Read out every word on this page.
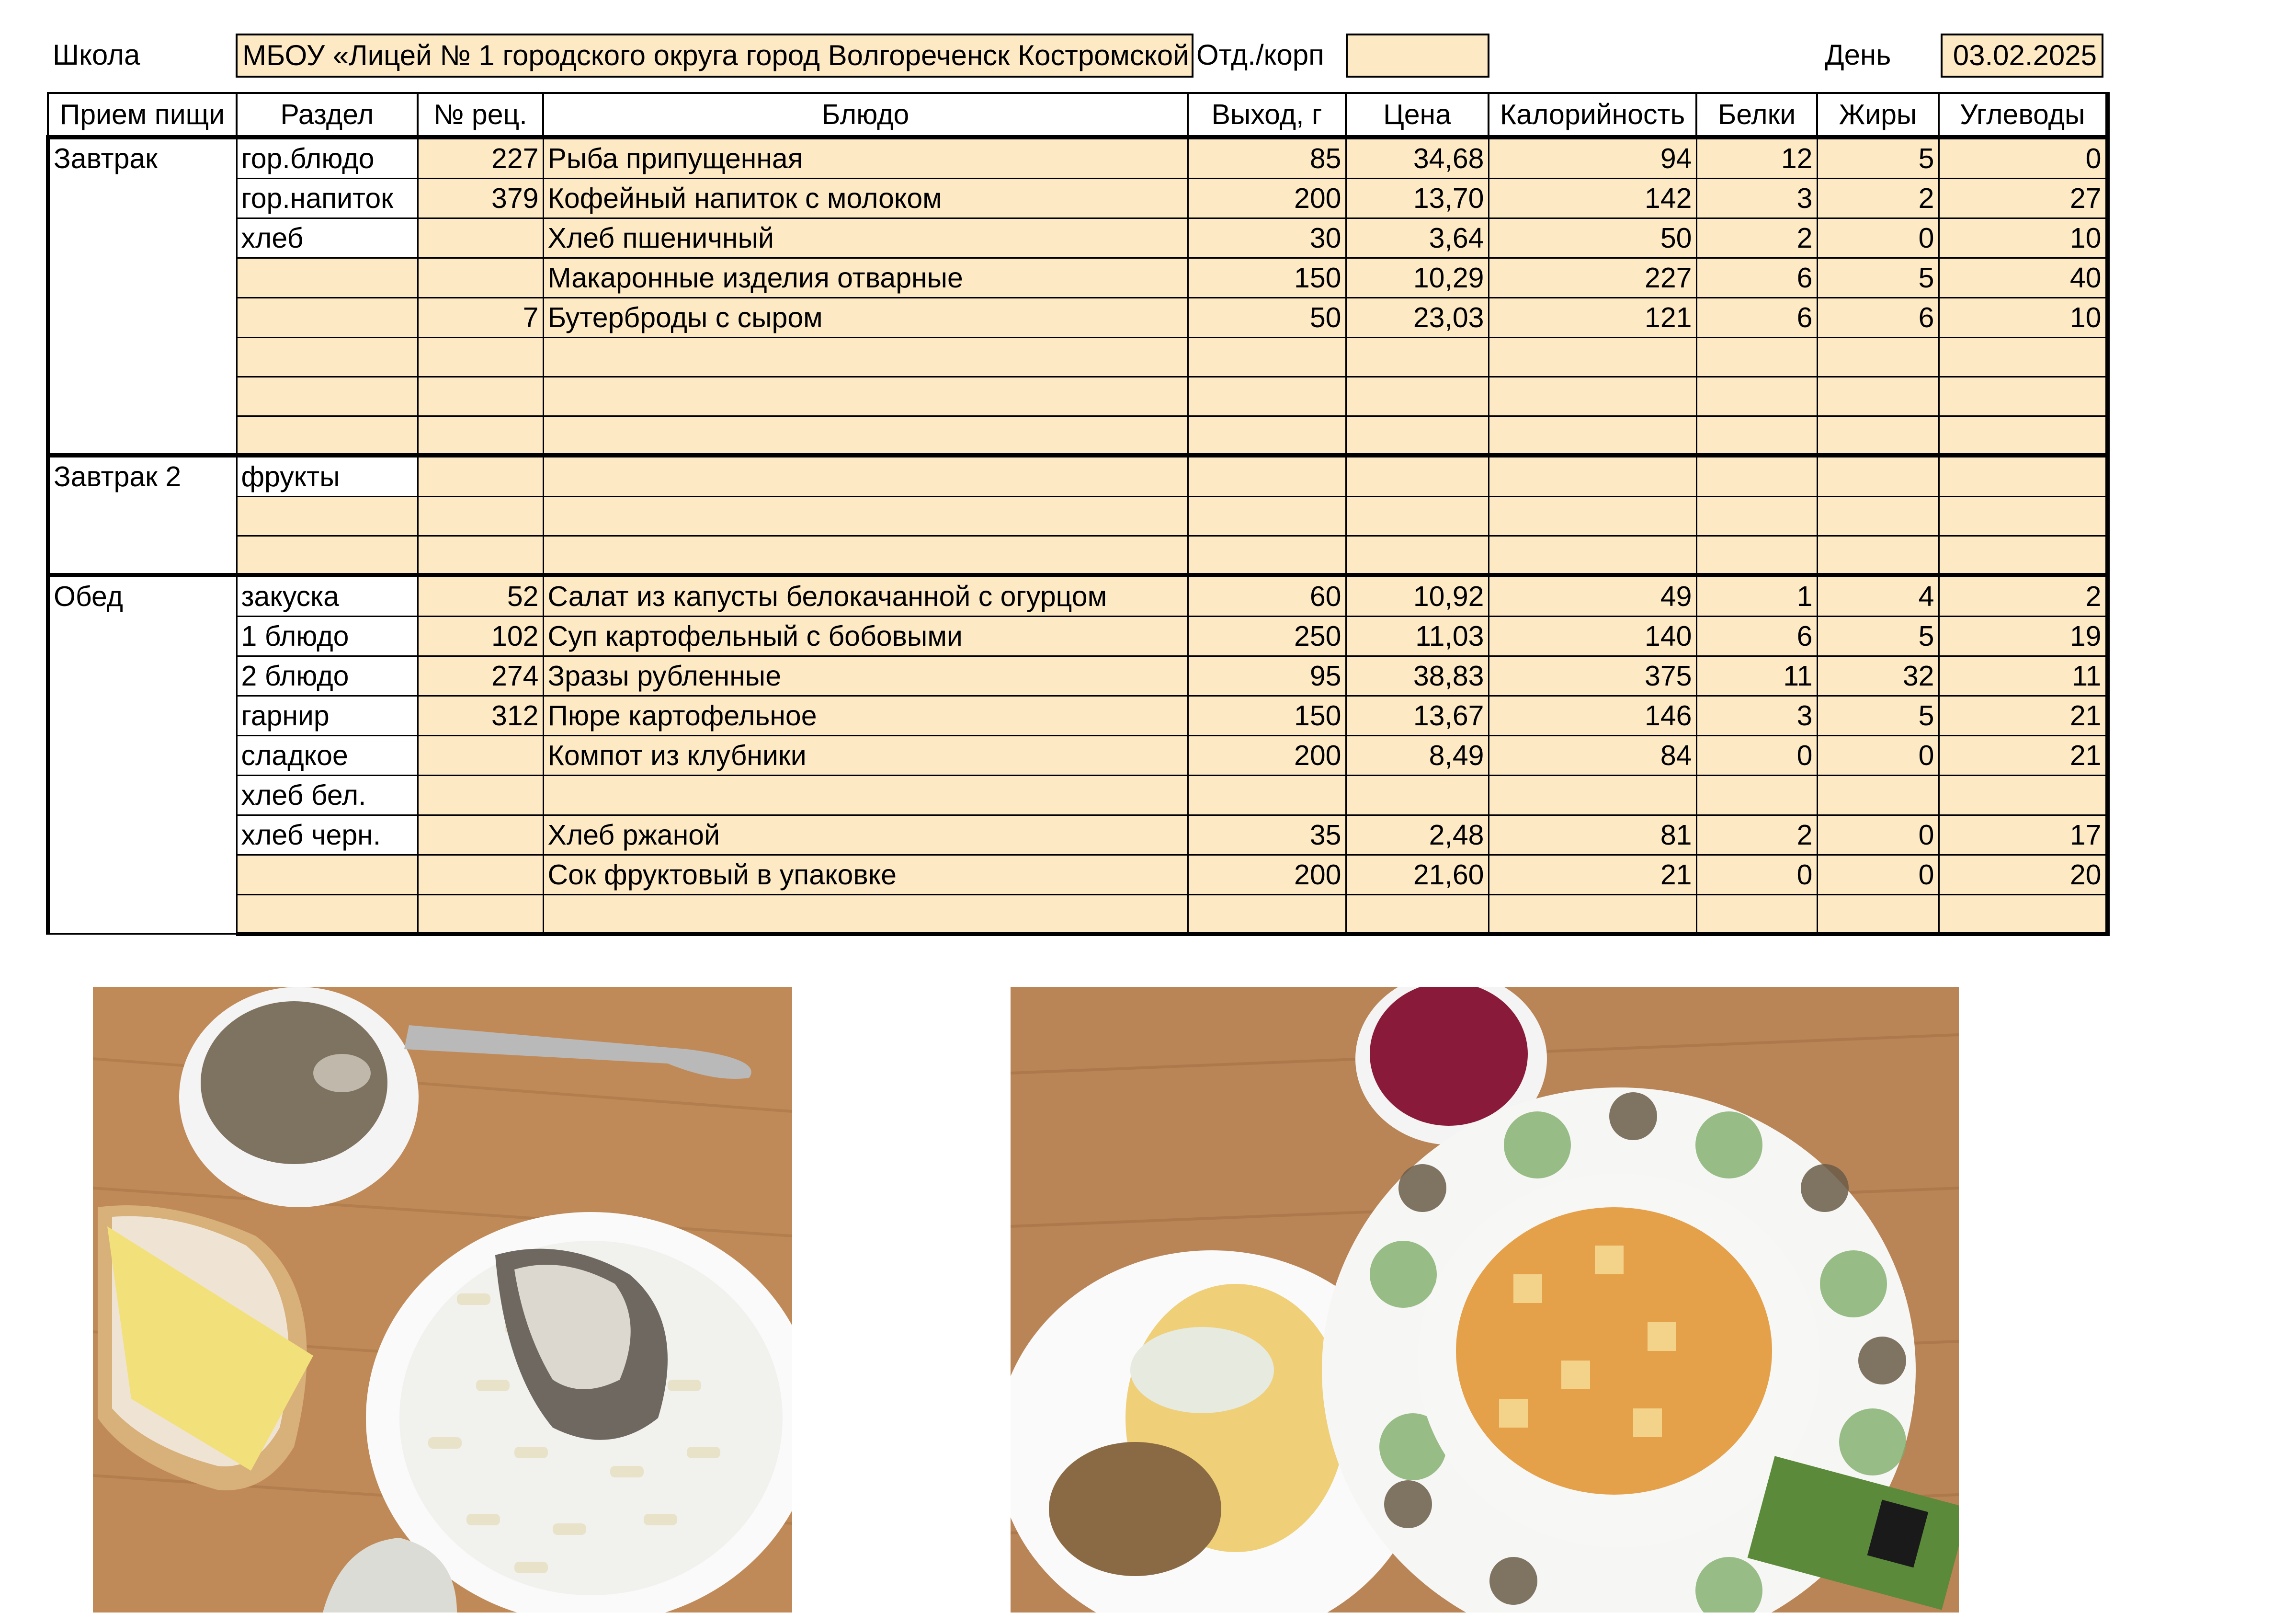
Школа	МБОУ «Лицей № 1 городского округа город Волгореченск Костромской Отд./корп	День	03.02.2025
Прием пищи	Раздел	№ рец.	Блюдо	Выход, г	Цена	Калорийность	Белки	Жиры	Углеводы
Завтрак	гор.блюдо	227	Рыба припущенная	85	34,68	94	12	5	0
	гор.напиток	379	Кофейный напиток с молоком	200	13,70	142	3	2	27
	хлеб		Хлеб пшеничный	30	3,64	50	2	0	10
			Макаронные изделия отварные	150	10,29	227	6	5	40
		7	Бутерброды с сыром	50	23,03	121	6	6	10

Завтрак 2	фрукты								

Обед	закуска	52	Салат из капусты белокачанной с огурцом	60	10,92	49	1	4	2
	1 блюдо	102	Суп картофельный с бобовыми	250	11,03	140	6	5	19
	2 блюдо	274	Зразы рубленные	95	38,83	375	11	32	11
	гарнир	312	Пюре картофельное	150	13,67	146	3	5	21
	сладкое		Компот из клубники	200	8,49	84	0	0	21
	хлеб бел.								
	хлеб черн.		Хлеб ржаной	35	2,48	81	2	0	17
			Сок фруктовый в упаковке	200	21,60	21	0	0	20
